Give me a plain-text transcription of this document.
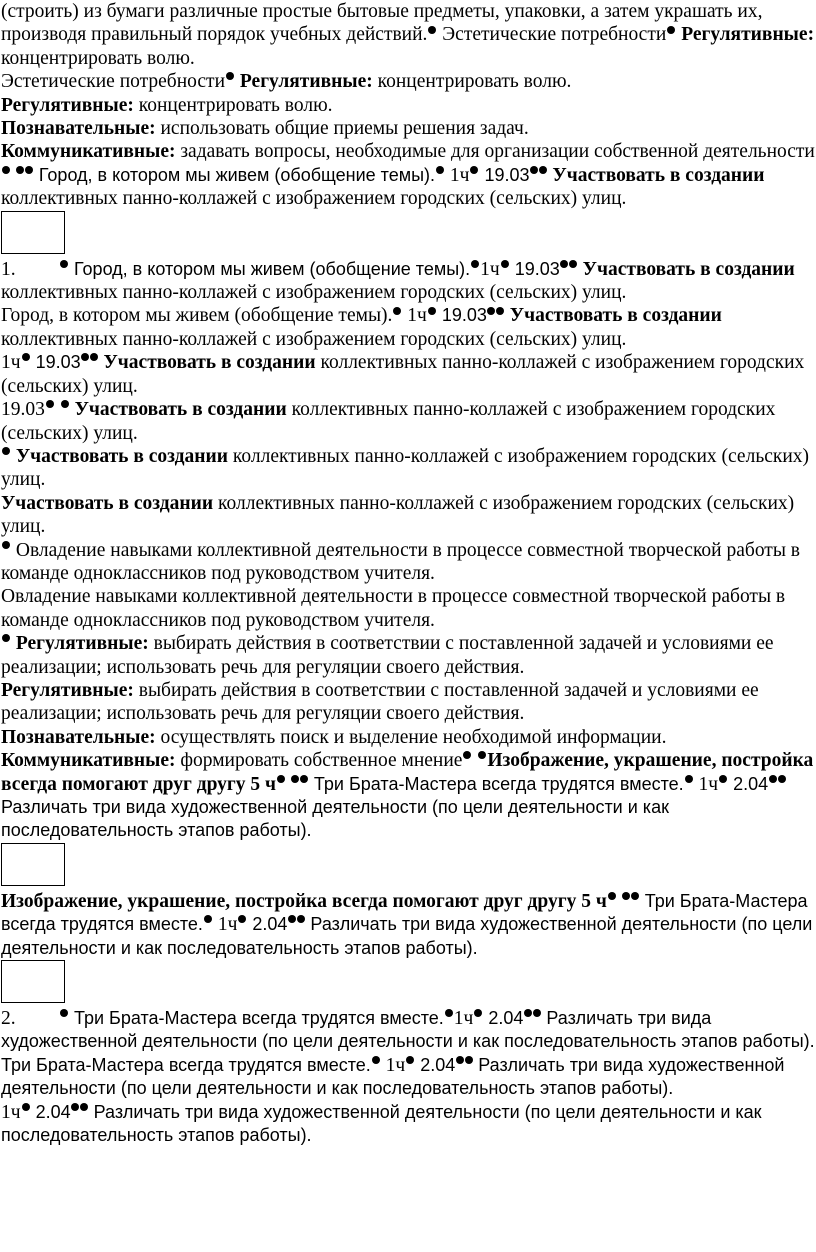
(строить) из бумаги различные простые бытовые предметы, упаковки, а затем украшать их, производя правильный порядок учебных действий. Эстетические потребности Регулятивные: концентрировать волю.

Эстетические потребности Регулятивные: концентрировать волю.

Регулятивные: концентрировать волю.

Познавательные: использовать общие приемы решения задач.

Коммуникативные: задавать вопросы, необходимые для организации собственной деятельности  Город, в котором мы живем (обобщение темы). 1ч 19.03 Участвовать в создании коллективных панно-коллажей с изображением городских (сельских) улиц.

1.	Город, в котором мы живем (обобщение темы). 1ч 19.03 Участвовать в создании коллективных панно-коллажей с изображением городских (сельских) улиц.

Город, в котором мы живем (обобщение темы). 1ч 19.03 Участвовать в создании коллективных панно-коллажей с изображением городских (сельских) улиц.

1ч 19.03 Участвовать в создании коллективных панно-коллажей с изображением городских (сельских) улиц.

19.03  Участвовать в создании коллективных панно-коллажей с изображением городских (сельских) улиц.

Участвовать в создании коллективных панно-коллажей с изображением городских (сельских) улиц.

Участвовать в создании коллективных панно-коллажей с изображением городских (сельских) улиц.

Овладение навыками коллективной деятельности в процессе совместной творческой работы в команде одноклассников под руководством учителя.

Овладение навыками коллективной деятельности в процессе совместной творческой работы в команде одноклассников под руководством учителя.

Регулятивные: выбирать действия в соответствии с поставленной задачей и условиями ее реализации; использовать речь для регуляции своего действия.

Регулятивные: выбирать действия в соответствии с поставленной задачей и условиями ее реализации; использовать речь для регуляции своего действия.

Познавательные: осуществлять поиск и выделение необходимой информации.

Коммуникативные: формировать собственное мнение Изображение, украшение, постройка всегда помогают друг другу 5 ч  Три Брата-Мастера всегда трудятся вместе. 1ч 2.04 Различать три вида художественной деятельности (по цели деятельности и как последовательность этапов работы).

Изображение, украшение, постройка всегда помогают друг другу 5 ч  Три Брата-Мастера всегда трудятся вместе. 1ч 2.04 Различать три вида художественной деятельности (по цели деятельности и как последовательность этапов работы).

2.	Три Брата-Мастера всегда трудятся вместе. 1ч 2.04 Различать три вида художественной деятельности (по цели деятельности и как последовательность этапов работы).

Три Брата-Мастера всегда трудятся вместе. 1ч 2.04 Различать три вида художественной деятельности (по цели деятельности и как последовательность этапов работы).

1ч 2.04 Различать три вида художественной деятельности (по цели деятельности и как последовательность этапов работы).
